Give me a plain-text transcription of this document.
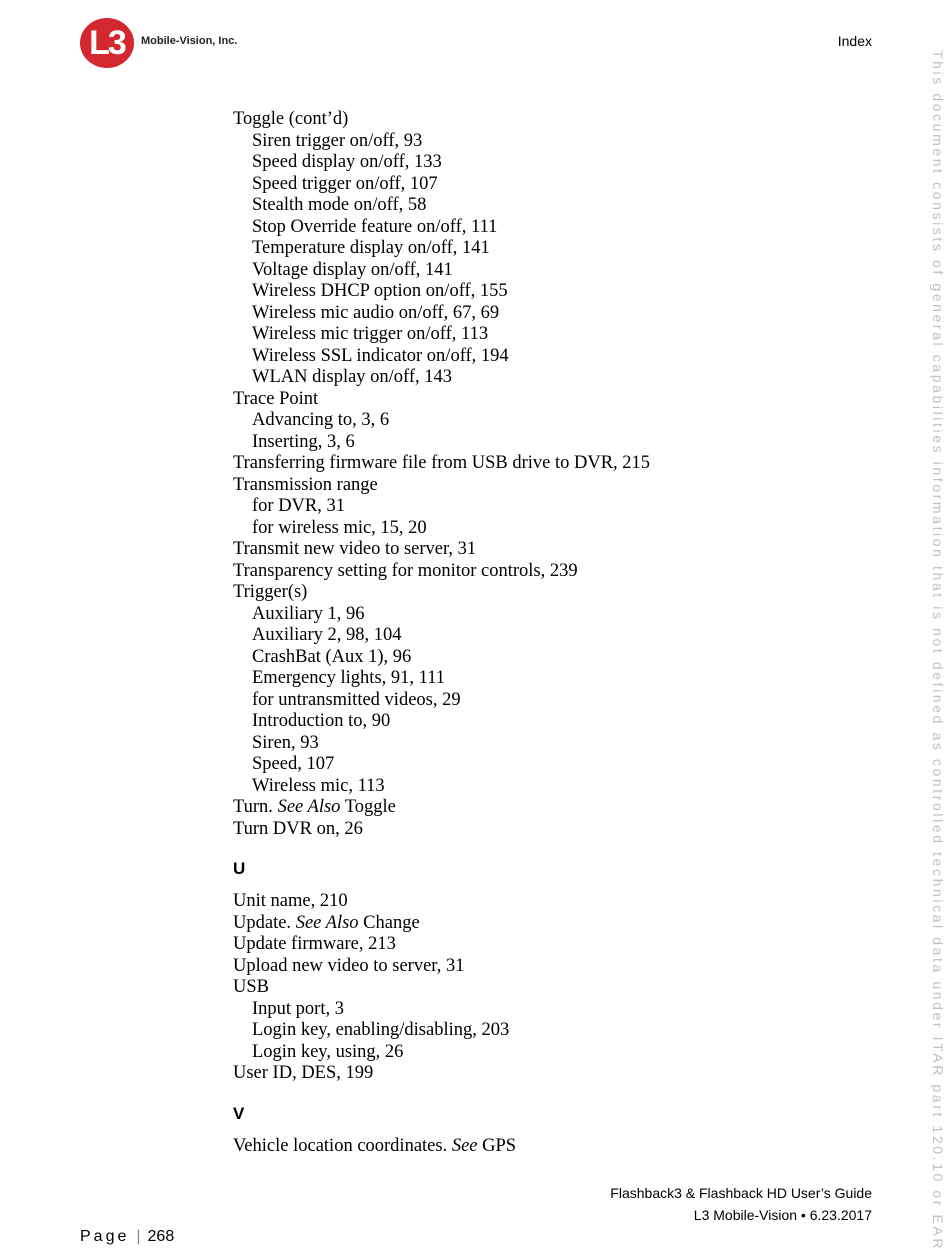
L3	Mobile-Vision, Inc.	Index
This document consists of general capabilities information that is not defined as controlled technical data under ITAR part 120.10 or EAR
Toggle (cont’d)
Siren trigger on/off, 93
Speed display on/off, 133
Speed trigger on/off, 107
Stealth mode on/off, 58
Stop Override feature on/off, 111
Temperature display on/off, 141
Voltage display on/off, 141
Wireless DHCP option on/off, 155
Wireless mic audio on/off, 67, 69
Wireless mic trigger on/off, 113
Wireless SSL indicator on/off, 194
WLAN display on/off, 143
Trace Point
Advancing to, 3, 6
Inserting, 3, 6
Transferring firmware file from USB drive to DVR, 215
Transmission range
for DVR, 31
for wireless mic, 15, 20
Transmit new video to server, 31
Transparency setting for monitor controls, 239
Trigger(s)
Auxiliary 1, 96
Auxiliary 2, 98, 104
CrashBat (Aux 1), 96
Emergency lights, 91, 111
for untransmitted videos, 29
Introduction to, 90
Siren, 93
Speed, 107
Wireless mic, 113
Turn. See Also Toggle
Turn DVR on, 26
U
Unit name, 210
Update. See Also Change
Update firmware, 213
Upload new video to server, 31
USB
Input port, 3
Login key, enabling/disabling, 203
Login key, using, 26
User ID, DES, 199
V
Vehicle location coordinates. See GPS
Page | 268
Flashback3 & Flashback HD User’s Guide
L3 Mobile-Vision • 6.23.2017
